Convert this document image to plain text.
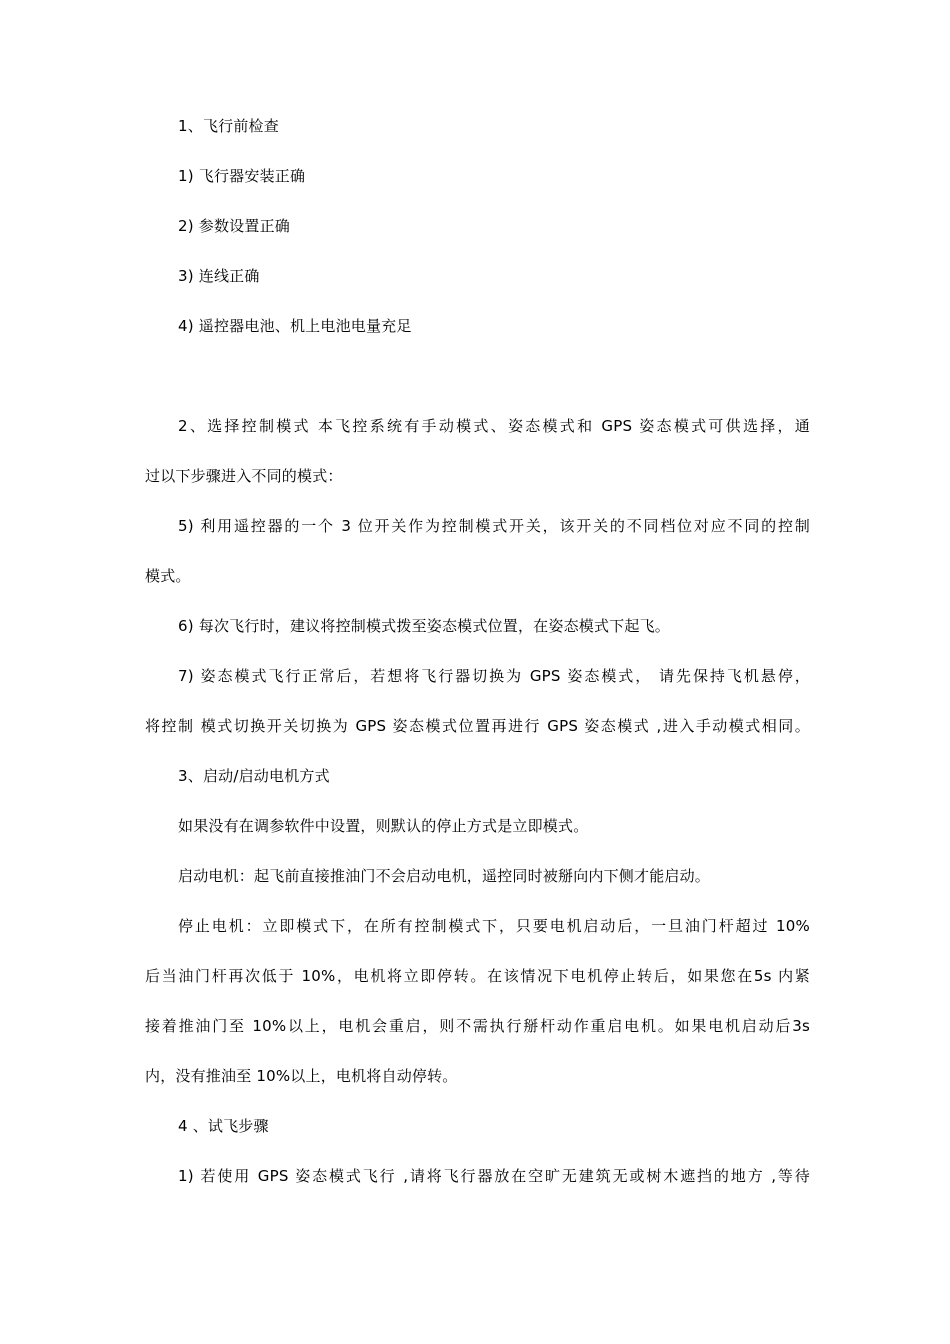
1、飞行前检查
1) 飞行器安装正确
2) 参数设置正确
3) 连线正确
4) 遥控器电池、机上电池电量充足
2、选择控制模式 本飞控系统有手动模式、姿态模式和 GPS 姿态模式可供选择，通
过以下步骤进入不同的模式：
5) 利用遥控器的一个 3 位开关作为控制模式开关，该开关的不同档位对应不同的控制
模式。
6) 每次飞行时，建议将控制模式拨至姿态模式位置，在姿态模式下起飞。
7) 姿态模式飞行正常后，若想将飞行器切换为 GPS 姿态模式， 请先保持飞机悬停，
将控制 模式切换开关切换为 GPS 姿态模式位置再进行 GPS 姿态模式 ,进入手动模式相同。
3、启动/启动电机方式
如果没有在调参软件中设置，则默认的停止方式是立即模式。
启动电机：起飞前直接推油门不会启动电机，遥控同时被掰向内下侧才能启动。
停止电机：立即模式下，在所有控制模式下，只要电机启动后，一旦油门杆超过 10%
后当油门杆再次低于 10%，电机将立即停转。在该情况下电机停止转后，如果您在5s 内紧
接着推油门至 10%以上，电机会重启，则不需执行掰杆动作重启电机。如果电机启动后3s
内，没有推油至 10%以上，电机将自动停转。
4 、试飞步骤
1) 若使用 GPS 姿态模式飞行 ,请将飞行器放在空旷无建筑无或树木遮挡的地方 ,等待
